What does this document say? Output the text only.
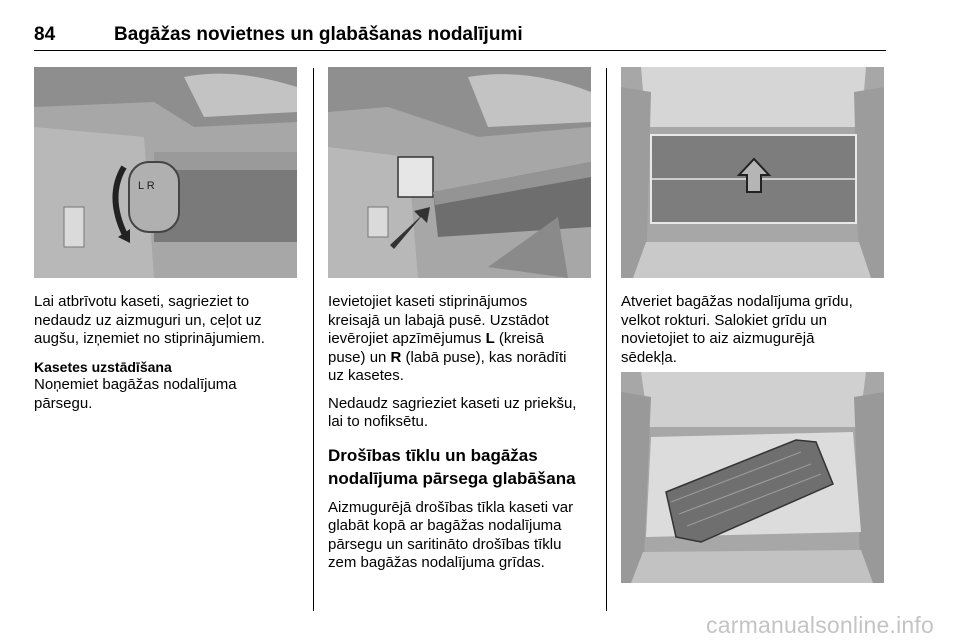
84	Bagāžas novietnes un glabāšanas nodalījumi
L R

Lai atbrīvotu kaseti, sagrieziet to
nedaudz uz aizmuguri un, ceļot uz
augšu, izņemiet no stiprinājumiem.

Kasetes uzstādīšana

Noņemiet bagāžas nodalījuma
pārsegu.

Ievietojiet kaseti stiprinājumos
kreisajā un labajā pusē. Uzstādot
ievērojiet apzīmējumus L (kreisā
puse) un R (labā puse), kas norādīti
uz kasetes.

Nedaudz sagrieziet kaseti uz priekšu,
lai to nofiksētu.

Drošības tīklu un bagāžas
nodalījuma pārsega glabāšana

Aizmugurējā drošības tīkla kaseti var
glabāt kopā ar bagāžas nodalījuma
pārsegu un saritināto drošības tīklu
zem bagāžas nodalījuma grīdas.

Atveriet bagāžas nodalījuma grīdu,
velkot rokturi. Salokiet grīdu un
novietojiet to aiz aizmugurējā
sēdekļa.

carmanualsonline.info
